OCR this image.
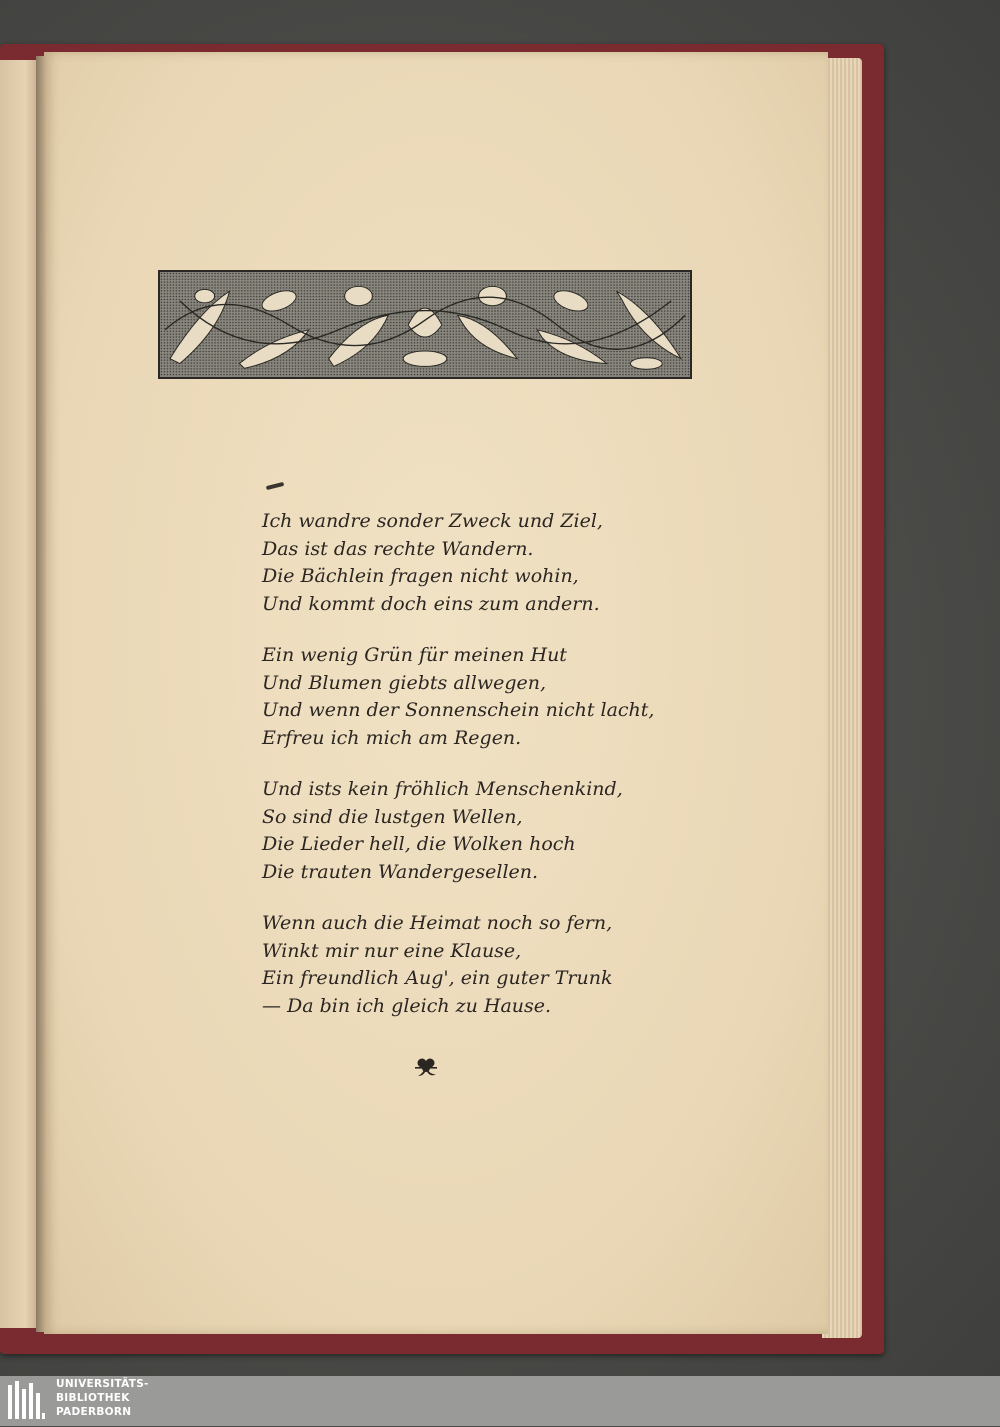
Ich wandre sonder Zweck und Ziel,
Das ist das rechte Wandern.
Die Bächlein fragen nicht wohin,
Und kommt doch eins zum andern.
Ein wenig Grün für meinen Hut
Und Blumen giebts allwegen,
Und wenn der Sonnenschein nicht lacht,
Erfreu ich mich am Regen.
Und ists kein fröhlich Menschenkind,
So sind die lustgen Wellen,
Die Lieder hell, die Wolken hoch
Die trauten Wandergesellen.
Wenn auch die Heimat noch so fern,
Winkt mir nur eine Klause,
Ein freundlich Aug', ein guter Trunk
— Da bin ich gleich zu Hause.
UNIVERSITÄTS-
BIBLIOTHEK
PADERBORN
